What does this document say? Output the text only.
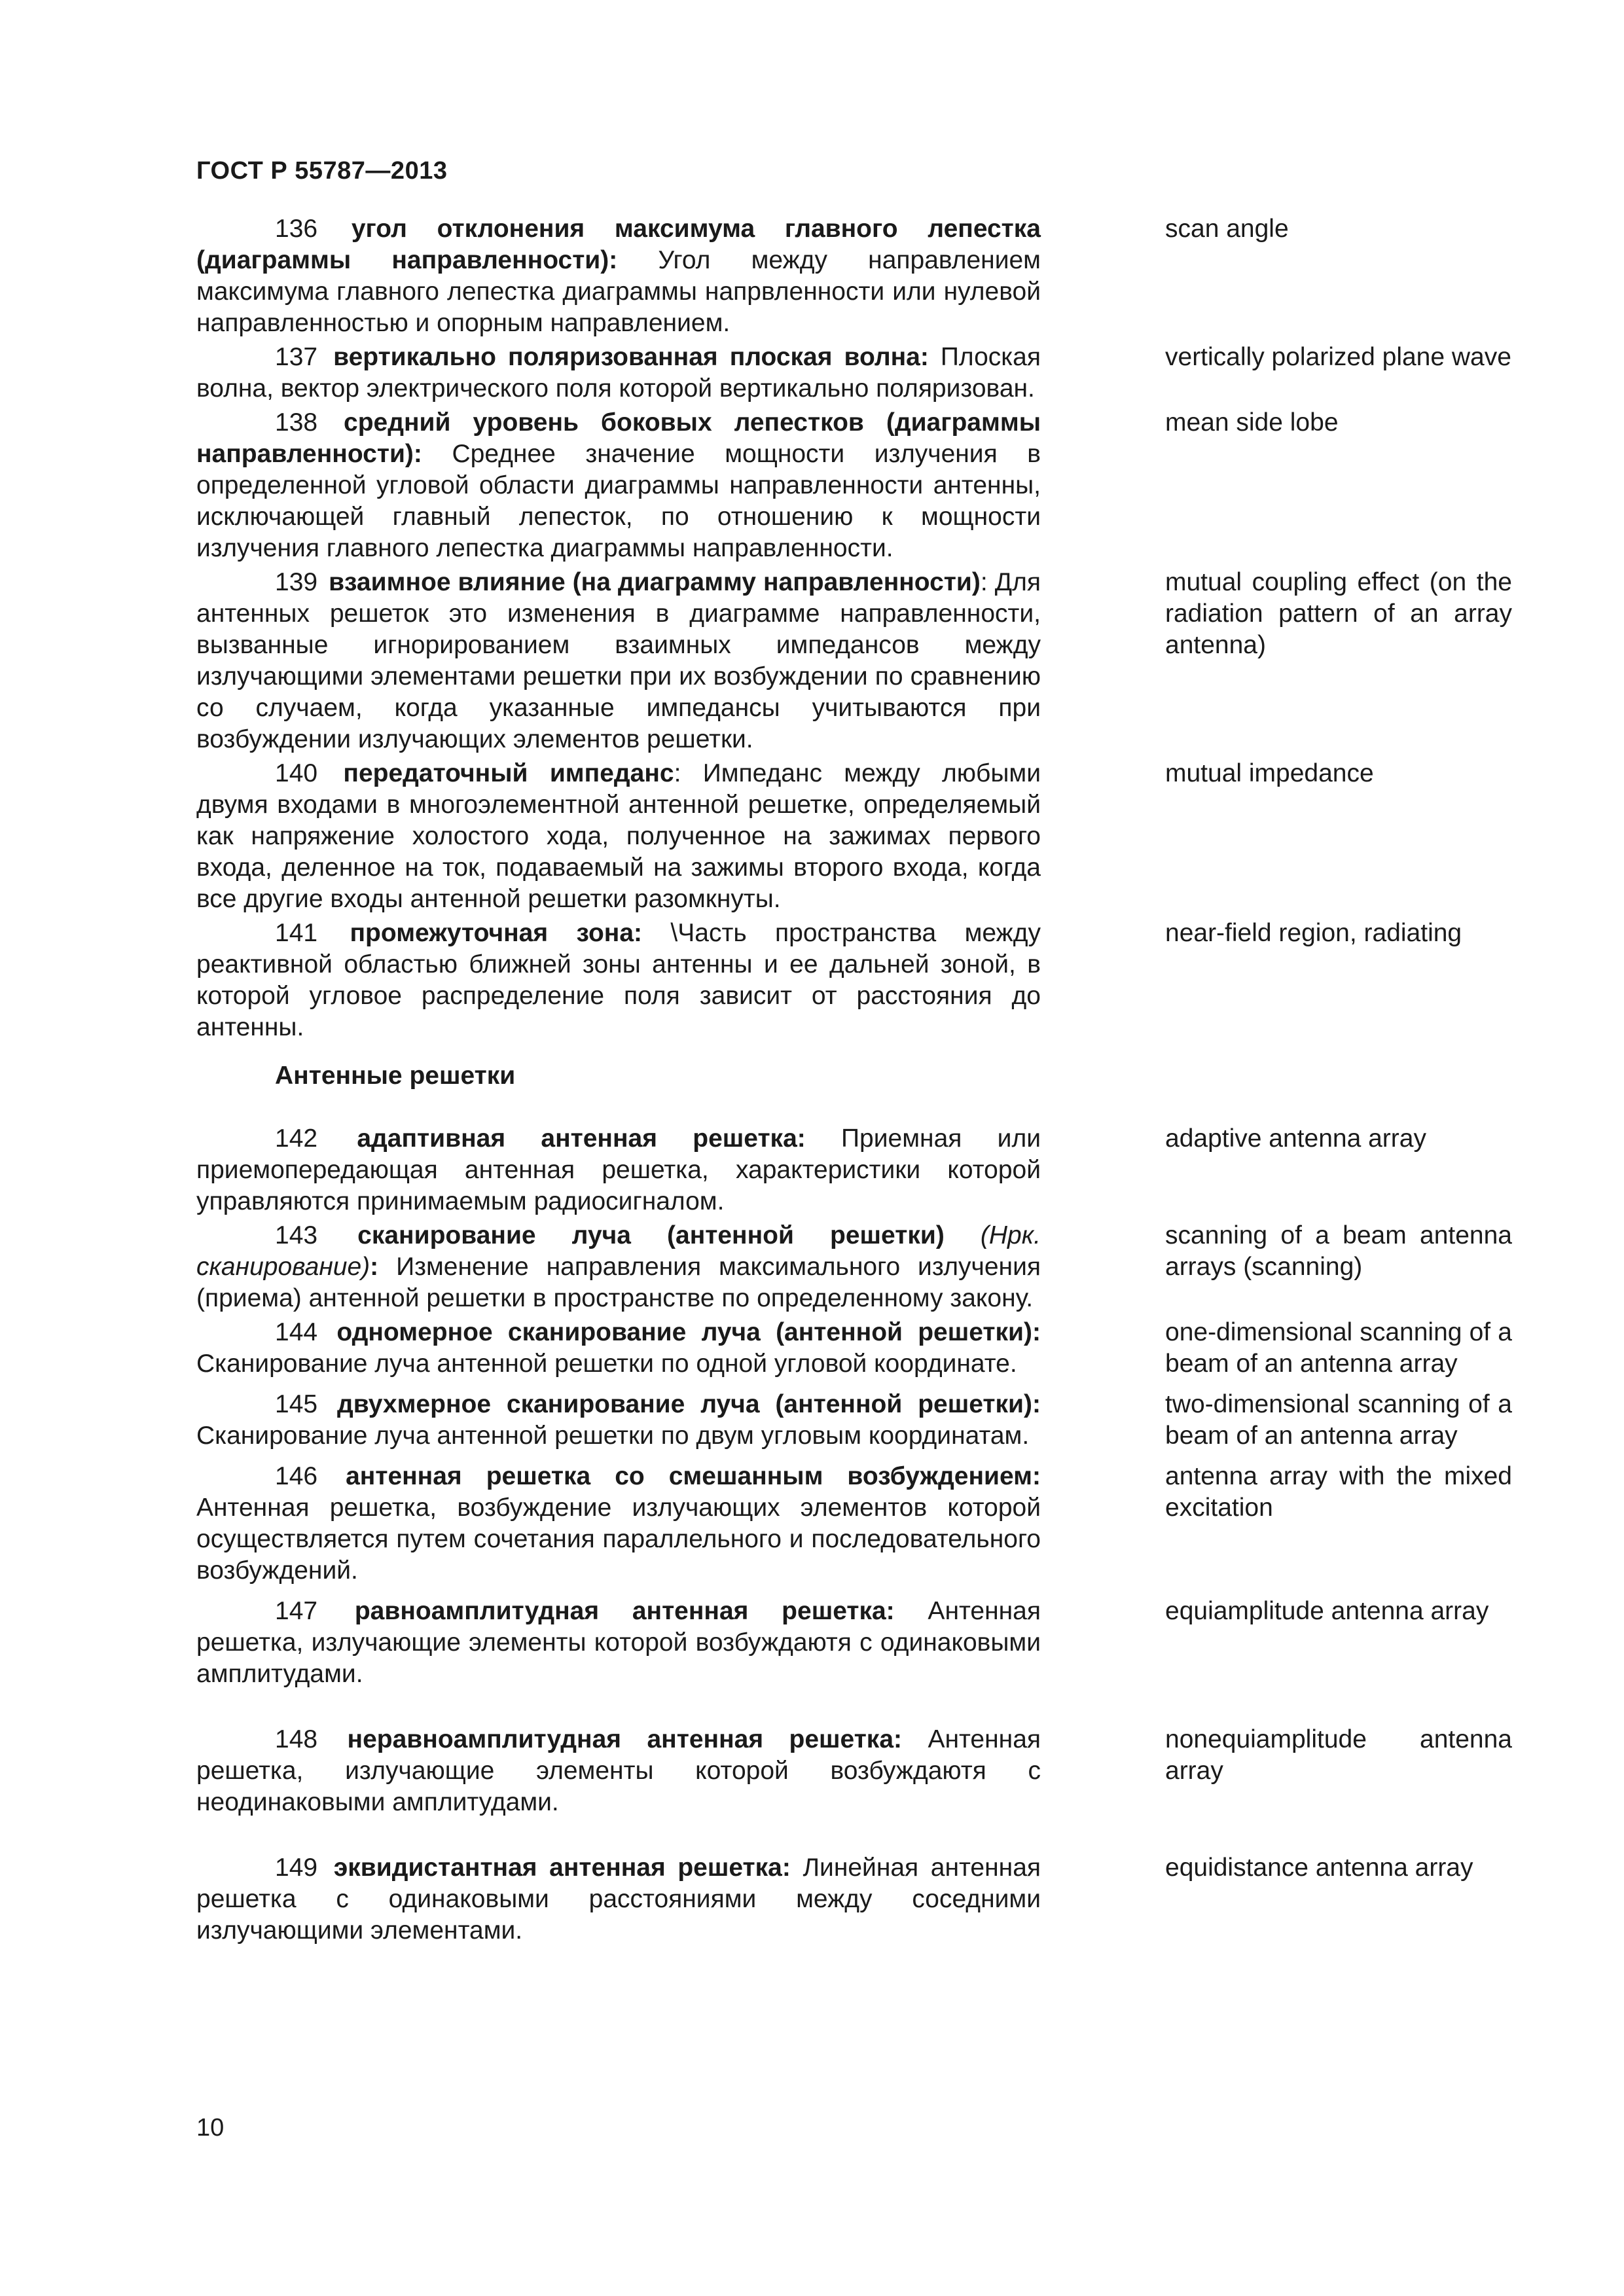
ГОСТ Р 55787—2013

136 угол отклонения максимума главного лепестка (диаграммы направленности): Угол между направлением максимума главного лепестка диаграммы напрвленности или нулевой направленностью и опорным направлением.

scan angle

137 вертикально поляризованная плоская волна: Плоская волна, вектор электрического поля которой вертикально поляризован.

vertically polarized plane wave

138 средний уровень боковых лепестков (диаграммы направленности): Среднее значение мощности излучения в определенной угловой области диаграммы направленности антенны, исключающей главный лепесток, по отношению к мощности излучения главного лепестка диаграммы направленности.

mean side lobe

139 взаимное влияние (на диаграмму направленности): Для антенных решеток это изменения в диаграмме направленности, вызванные игнорированием взаимных импедансов между излучающими элементами решетки при их возбуждении по сравнению со случаем, когда указанные импедансы учитываются при возбуждении излучающих элементов решетки.

mutual coupling effect (on the radiation pattern of an array antenna)

140 передаточный импеданс: Импеданс между любыми двумя входами в многоэлементной антенной решетке, определяемый как напряжение холостого хода, полученное на зажимах первого входа, деленное на ток, подаваемый на зажимы второго входа, когда все другие входы антенной решетки разомкнуты.

mutual impedance

141 промежуточная зона: \Часть пространства между реактивной областью ближней зоны антенны и ее дальней зоной, в которой угловое распределение поля зависит от расстояния до антенны.

near-field region, radiating

Антенные решетки

142 адаптивная антенная решетка: Приемная или приемопередающая антенная решетка, характеристики которой управляются принимаемым радиосигналом.

adaptive antenna array

143 сканирование луча (антенной решетки) (Нрк. сканирование): Изменение направления максимального излучения (приема) антенной решетки в пространстве по определенному закону.

scanning of a beam antenna arrays (scanning)

144 одномерное сканирование луча (антенной решетки): Сканирование луча антенной решетки по одной угловой координате.

one-dimensional scanning of a beam of an antenna array

145 двухмерное сканирование луча (антенной решетки): Сканирование луча антенной решетки по двум угловым координатам.

two-dimensional scanning of a beam of an antenna array

146 антенная решетка со смешанным возбуждением: Антенная решетка, возбуждение излучающих элементов которой осуществляется путем сочетания параллельного и последовательного возбуждений.

antenna array with the mixed excitation

147 равноамплитудная антенная решетка: Антенная решетка, излучающие элементы которой возбуждаютя с одинаковыми амплитудами.

equiamplitude antenna array

148 неравноамплитудная антенная решетка: Антенная решетка, излучающие элементы которой возбуждаютя с неодинаковыми амплитудами.

nonequiamplitude antenna array

149 эквидистантная антенная решетка: Линейная антенная решетка с одинаковыми расстояниями между соседними излучающими элементами.

equidistance antenna array

10
